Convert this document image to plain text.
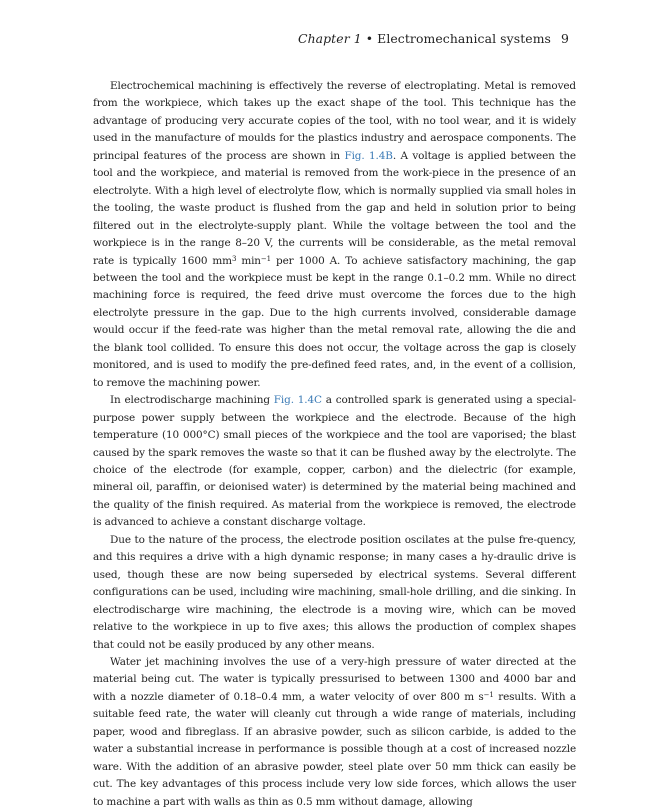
Chapter 1 • Electromechanical systems 9

Electrochemical machining is effectively the reverse of electroplating. Metal is removed from the workpiece, which takes up the exact shape of the tool. This technique has the advantage of producing very accurate copies of the tool, with no tool wear, and it is widely used in the manufacture of moulds for the plastics industry and aerospace components. The principal features of the process are shown in Fig. 1.4B. A voltage is applied between the tool and the workpiece, and material is removed from the work-piece in the presence of an electrolyte. With a high level of electrolyte flow, which is normally supplied via small holes in the tooling, the waste product is flushed from the gap and held in solution prior to being filtered out in the electrolyte-supply plant. While the voltage between the tool and the workpiece is in the range 8–20 V, the currents will be considerable, as the metal removal rate is typically 1600 $mm^3$ $\min^{-1}$ per 1000 A. To achieve satisfactory machining, the gap between the tool and the workpiece must be kept in the range 0.1–0.2 mm. While no direct machining force is required, the feed drive must overcome the forces due to the high electrolyte pressure in the gap. Due to the high currents involved, considerable damage would occur if the feed-rate was higher than the metal removal rate, allowing the die and the blank tool collided. To ensure this does not occur, the voltage across the gap is closely monitored, and is used to modify the pre-defined feed rates, and, in the event of a collision, to remove the machining power.

In electrodischarge machining Fig. 1.4C a controlled spark is generated using a special-purpose power supply between the workpiece and the electrode. Because of the high temperature (10 000°C) small pieces of the workpiece and the tool are vaporised; the blast caused by the spark removes the waste so that it can be flushed away by the electrolyte. The choice of the electrode (for example, copper, carbon) and the dielectric (for example, mineral oil, paraffin, or deionised water) is determined by the material being machined and the quality of the finish required. As material from the workpiece is removed, the electrode is advanced to achieve a constant discharge voltage.

Due to the nature of the process, the electrode position oscilates at the pulse fre-quency, and this requires a drive with a high dynamic response; in many cases a hy-draulic drive is used, though these are now being superseded by electrical systems. Several different configurations can be used, including wire machining, small-hole drilling, and die sinking. In electrodischarge wire machining, the electrode is a moving wire, which can be moved relative to the workpiece in up to five axes; this allows the production of complex shapes that could not be easily produced by any other means.

Water jet machining involves the use of a very-high pressure of water directed at the material being cut. The water is typically pressurised to between 1300 and 4000 bar and with a nozzle diameter of 0.18–0.4 mm, a water velocity of over 800 m $s^{-1}$ results. With a suitable feed rate, the water will cleanly cut through a wide range of materials, including paper, wood and fibreglass. If an abrasive powder, such as silicon carbide, is added to the water a substantial increase in performance is possible though at a cost of increased nozzle ware. With the addition of an abrasive powder, steel plate over 50 mm thick can easily be cut. The key advantages of this process include very low side forces, which allows the user to machine a part with walls as thin as 0.5 mm without damage, allowing
